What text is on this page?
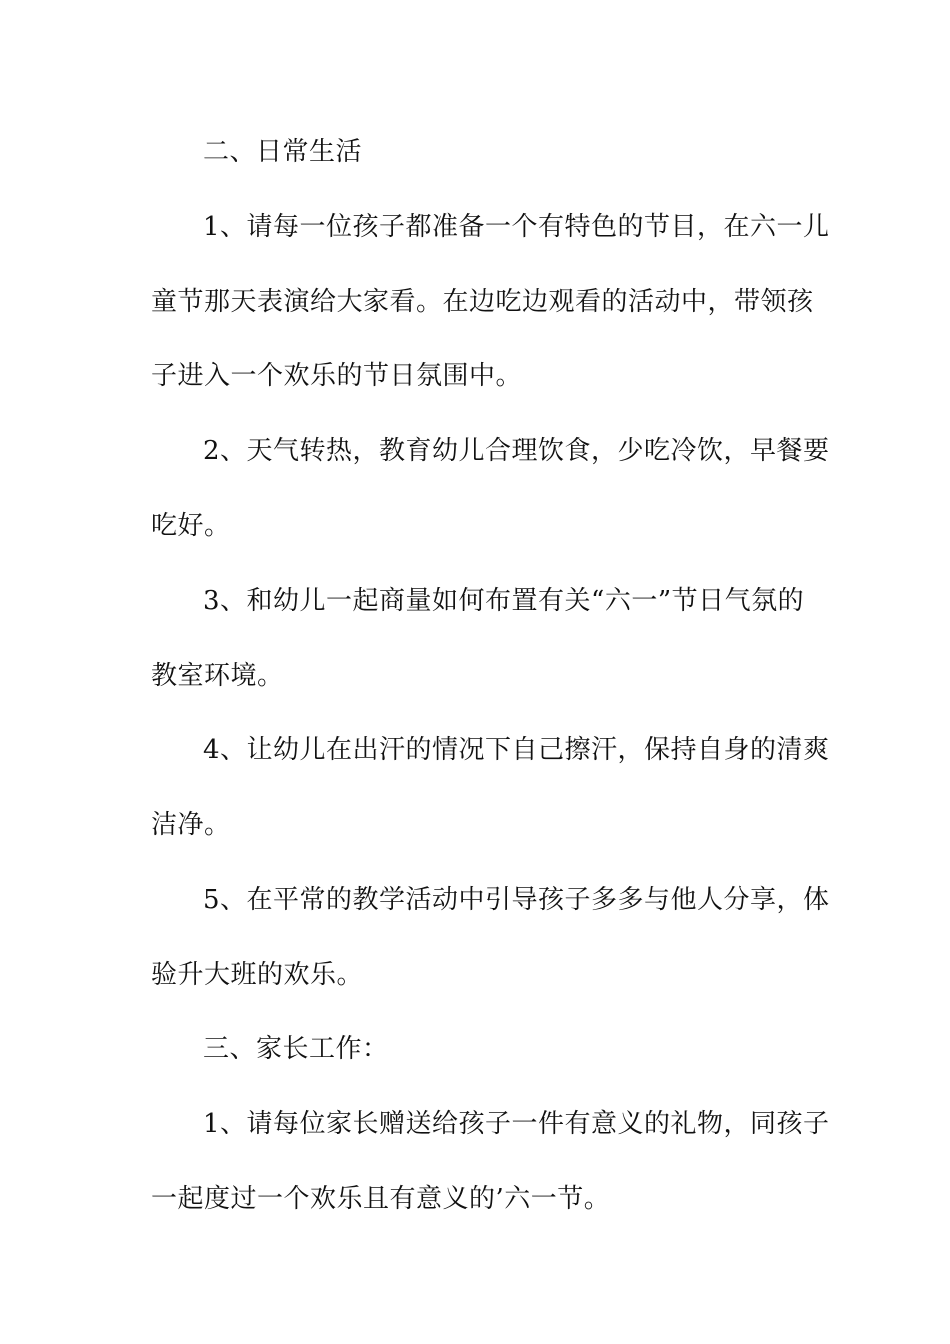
二、日常生活
1、请每一位孩子都准备一个有特色的节目，在六一儿
童节那天表演给大家看。在边吃边观看的活动中，带领孩
子进入一个欢乐的节日氛围中。
2、天气转热，教育幼儿合理饮食，少吃冷饮，早餐要
吃好。
3、和幼儿一起商量如何布置有关“六一”节日气氛的
教室环境。
4、让幼儿在出汗的情况下自己擦汗，保持自身的清爽
洁净。
5、在平常的教学活动中引导孩子多多与他人分享，体
验升大班的欢乐。
三、家长工作：
1、请每位家长赠送给孩子一件有意义的礼物，同孩子
一起度过一个欢乐且有意义的’六一节。
